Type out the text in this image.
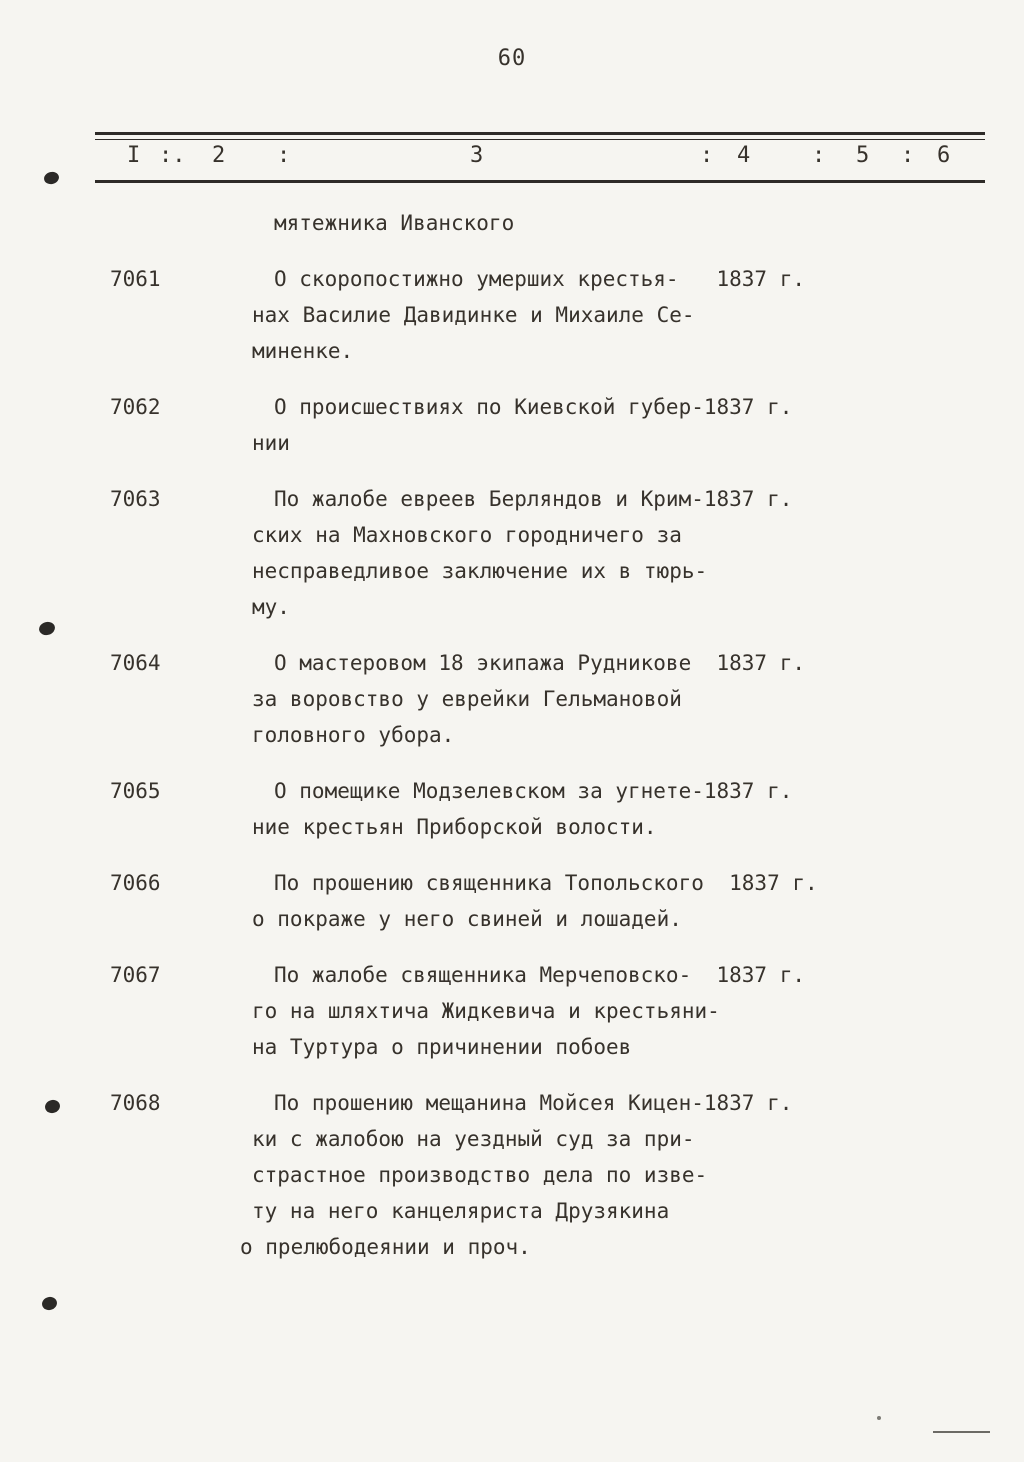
60
I :. 2 :	3	: 4	: 5 : 6
мятежника Иванского
7061	О скоропостижно умерших крестья-   1837 г.
нах Василие Давидинке и Михаиле Се-
миненке.
7062	О происшествиях по Киевской губер-1837 г.
нии
7063	По жалобе евреев Берляндов и Крим-1837 г.
ских на Махновского городничего за
несправедливое заключение их в тюрь-
му.
7064	О мастеровом 18 экипажа Рудникове  1837 г.
за воровство у еврейки Гельмановой
головного убора.
7065	О помещике Модзелевском за угнете-1837 г.
ние крестьян Приборской волости.
7066	По прошению священника Топольского  1837 г.
о покраже у него свиней и лошадей.
7067	По жалобе священника Мерчеповско-  1837 г.
го на шляхтича Жидкевича и крестьяни-
на Туртура о причинении побоев
7068	По прошению мещанина Мойсея Кицен-1837 г.
ки с жалобою на уездный суд за при-
страстное производство дела по изве-
ту на него канцеляриста Друзякина
о прелюбодеянии и проч.
